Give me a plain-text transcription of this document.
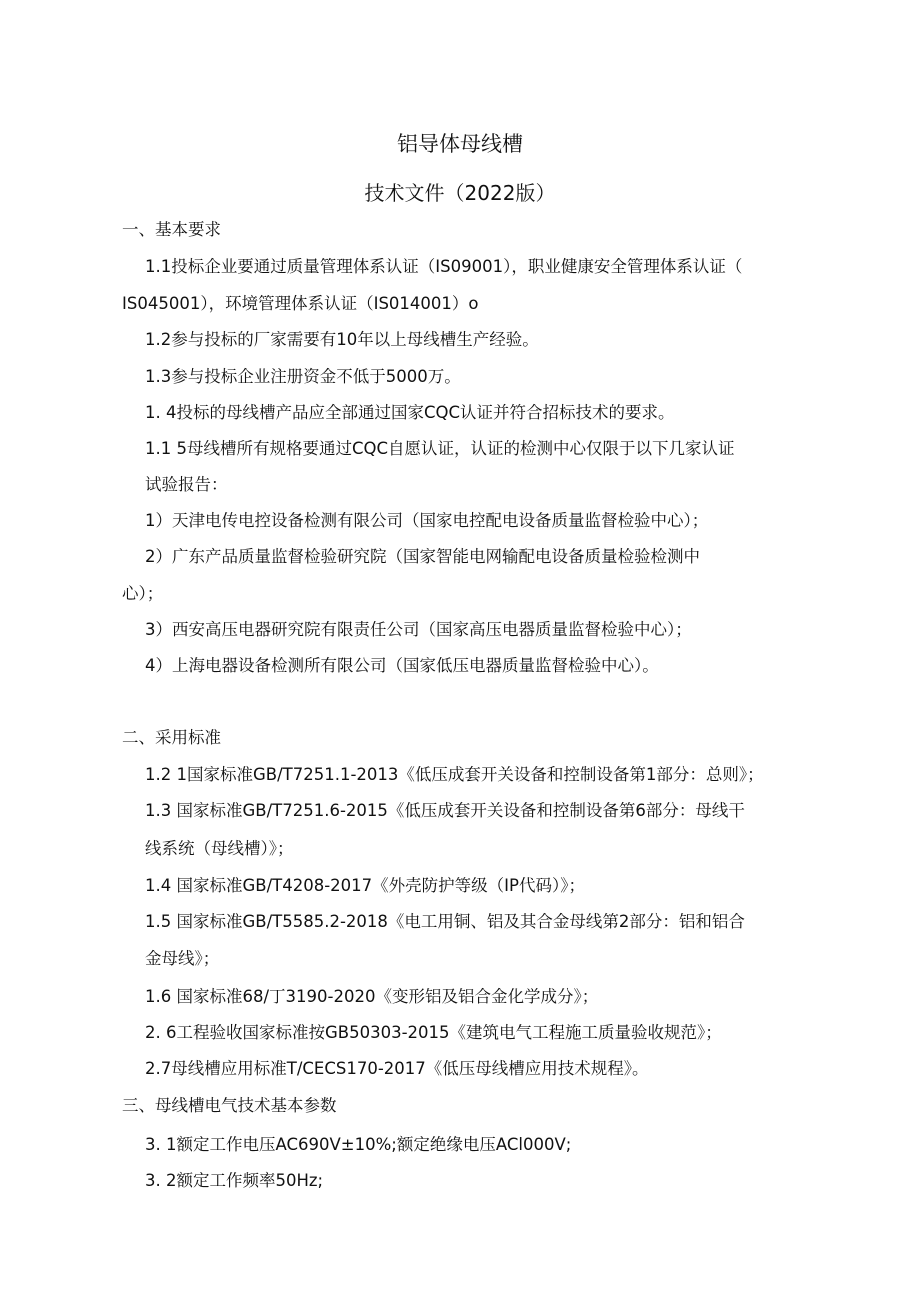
铝导体母线槽
技术文件（2022版）
一、基本要求
1.1投标企业要通过质量管理体系认证（IS09001），职业健康安全管理体系认证（
IS045001），环境管理体系认证（IS014001）o
1.2参与投标的厂家需要有10年以上母线槽生产经验。
1.3参与投标企业注册资金不低于5000万。
1. 4投标的母线槽产品应全部通过国家CQC认证并符合招标技术的要求。
1.1 5母线槽所有规格要通过CQC自愿认证，认证的检测中心仅限于以下几家认证
试验报告：
1）天津电传电控设备检测有限公司（国家电控配电设备质量监督检验中心）；
2）广东产品质量监督检验研究院（国家智能电网输配电设备质量检验检测中
心）；
3）西安高压电器研究院有限责任公司（国家高压电器质量监督检验中心）；
4）上海电器设备检测所有限公司（国家低压电器质量监督检验中心）。
二、采用标准
1.2 1国家标准GB/T7251.1-2013《低压成套开关设备和控制设备第1部分：总则》；
1.3 国家标准GB/T7251.6-2015《低压成套开关设备和控制设备第6部分：母线干
线系统（母线槽）》；
1.4 国家标准GB/T4208-2017《外壳防护等级（IP代码）》；
1.5 国家标准GB/T5585.2-2018《电工用铜、铝及其合金母线第2部分：铝和铝合
金母线》；
1.6 国家标准68/丁3190-2020《变形铝及铝合金化学成分》；
2. 6工程验收国家标准按GB50303-2015《建筑电气工程施工质量验收规范》；
2.7母线槽应用标准T/CECS170-2017《低压母线槽应用技术规程》。
三、母线槽电气技术基本参数
3. 1额定工作电压AC690V±10%;额定绝缘电压ACl000V;
3. 2额定工作频率50Hz;
